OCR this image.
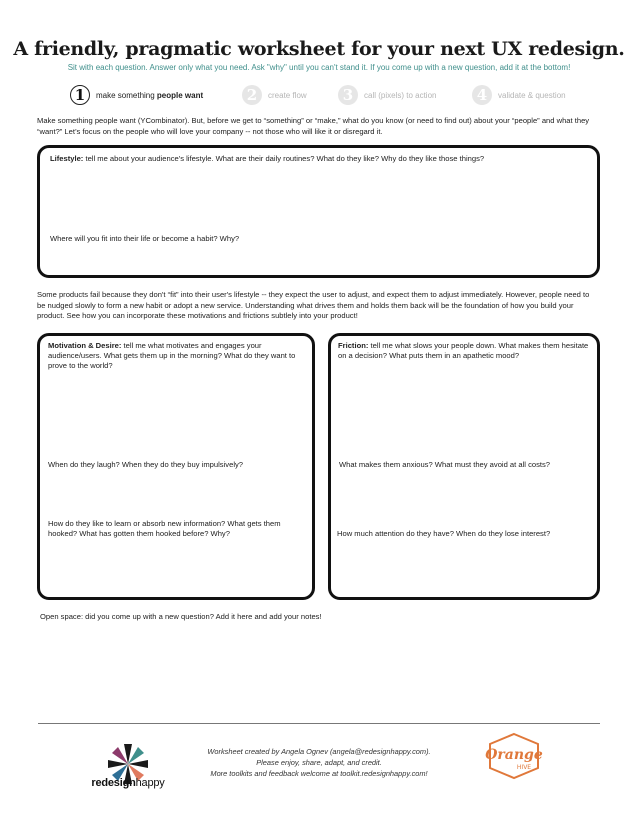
A friendly, pragmatic worksheet for your next UX redesign.
Sit with each question. Answer only what you need. Ask "why" until you can't stand it. If you come up with a new question, add it at the bottom!
1	make something people want	2	create flow	3	call (pixels) to action	4	validate & question
Make something people want (YCombinator). But, before we get to “something” or “make,” what do you know (or need to find out) about your “people” and what they “want?” Let’s focus on the people who will love your company -- not those who will like it or disregard it.
Lifestyle: tell me about your audience's lifestyle. What are their daily routines? What do they like? Why do they like those things?
Where will you fit into their life or become a habit? Why?
Some products fail because they don't “fit” into their user's lifestyle -- they expect the user to adjust, and expect them to adjust immediately. However, people need to be nudged slowly to form a new habit or adopt a new service. Understanding what drives them and holds them back will be the foundation of how you build your product. See how you can incorporate these motivations and frictions subtlely into your product!
Motivation & Desire: tell me what motivates and engages your audience/users. What gets them up in the morning? What do they want to prove to the world?
When do they laugh? When they do they buy impulsively?
How do they like to learn or absorb new information? What gets them hooked? What has gotten them hooked before? Why?
Friction: tell me what slows your people down. What makes them hesitate on a decision? What puts them in an apathetic mood?
What makes them anxious? What must they avoid at all costs?
How much attention do they have? When do they lose interest?
Open space: did you come up with a new question? Add it here and add your notes!
redesignhappy
Worksheet created by Angela Ognev (angela@redesignhappy.com).
Please enjoy, share, adapt, and credit.
More toolkits and feedback welcome at toolkit.redesignhappy.com!
Orange
HIVE
